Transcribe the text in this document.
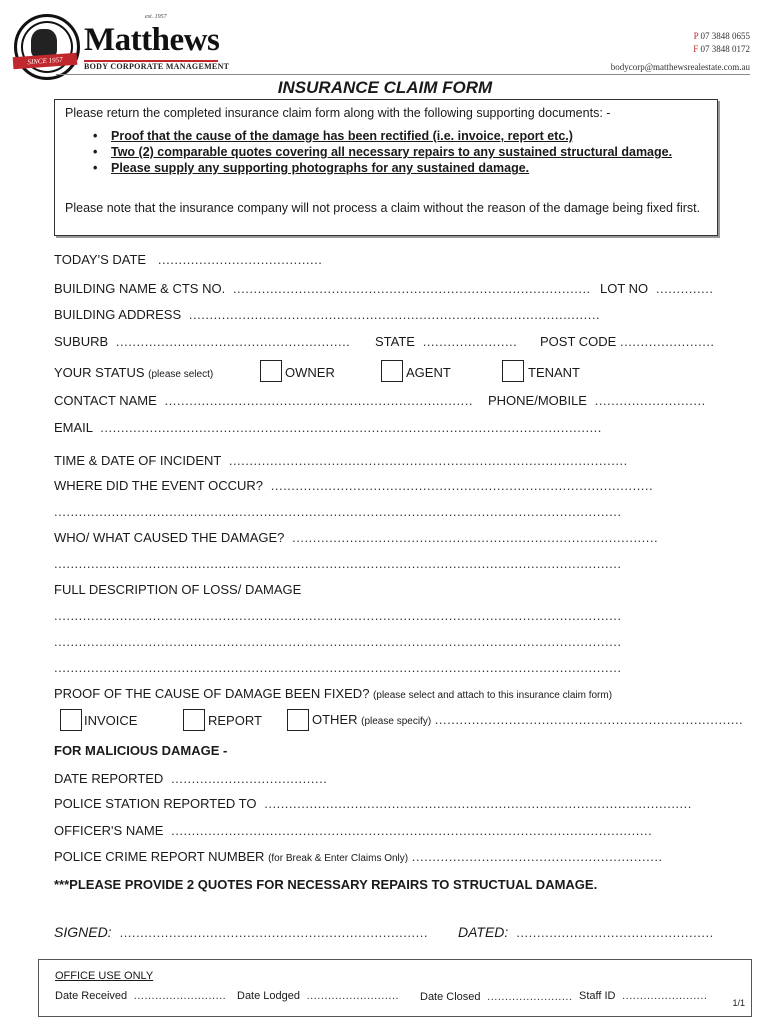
SINCE 1957
est. 1957
Matthews
BODY CORPORATE MANAGEMENT
P 07 3848 0655
F 07 3848 0172
bodycorp@matthewsrealestate.com.au
INSURANCE CLAIM FORM
Please return the completed insurance claim form along with the following supporting documents: -
• Proof that the cause of the damage has been rectified (i.e. invoice, report etc.)
• Two (2) comparable quotes covering all necessary repairs to any sustained structural damage.
• Please supply any supporting photographs for any sustained damage.
Please note that the insurance company will not process a claim without the reason of the damage being fixed first.
TODAY'S DATE   ........................................
BUILDING NAME & CTS NO.  ....................................................................................... LOT NO  ..............
BUILDING ADDRESS  ....................................................................................................
SUBURB  ......................................................... STATE  ....................... POST CODE .......................
YOUR STATUS (please select)	OWNER	AGENT	TENANT
CONTACT NAME  ........................................................................... PHONE/MOBILE  ...........................
EMAIL  ..........................................................................................................................
TIME & DATE OF INCIDENT  .................................................................................................
WHERE DID THE EVENT OCCUR?  .............................................................................................
..........................................................................................................................................
WHO/ WHAT CAUSED THE DAMAGE?  .........................................................................................
..........................................................................................................................................
FULL DESCRIPTION OF LOSS/ DAMAGE
..........................................................................................................................................
..........................................................................................................................................
..........................................................................................................................................
PROOF OF THE CAUSE OF DAMAGE BEEN FIXED? (please select and attach to this insurance claim form)
INVOICE	REPORT	OTHER (please specify) ...........................................................................
FOR MALICIOUS DAMAGE -
DATE REPORTED  ......................................
POLICE STATION REPORTED TO  ........................................................................................................
OFFICER'S NAME  .....................................................................................................................
POLICE CRIME REPORT NUMBER (for Break & Enter Claims Only) .............................................................
***PLEASE PROVIDE 2 QUOTES FOR NECESSARY REPAIRS TO STRUCTUAL DAMAGE.
SIGNED:  ........................................................................... DATED:  ................................................
OFFICE USE ONLY
Date Received  .......................... Date Lodged  .......................... Date Closed  ........................ Staff ID  ........................
1/1
